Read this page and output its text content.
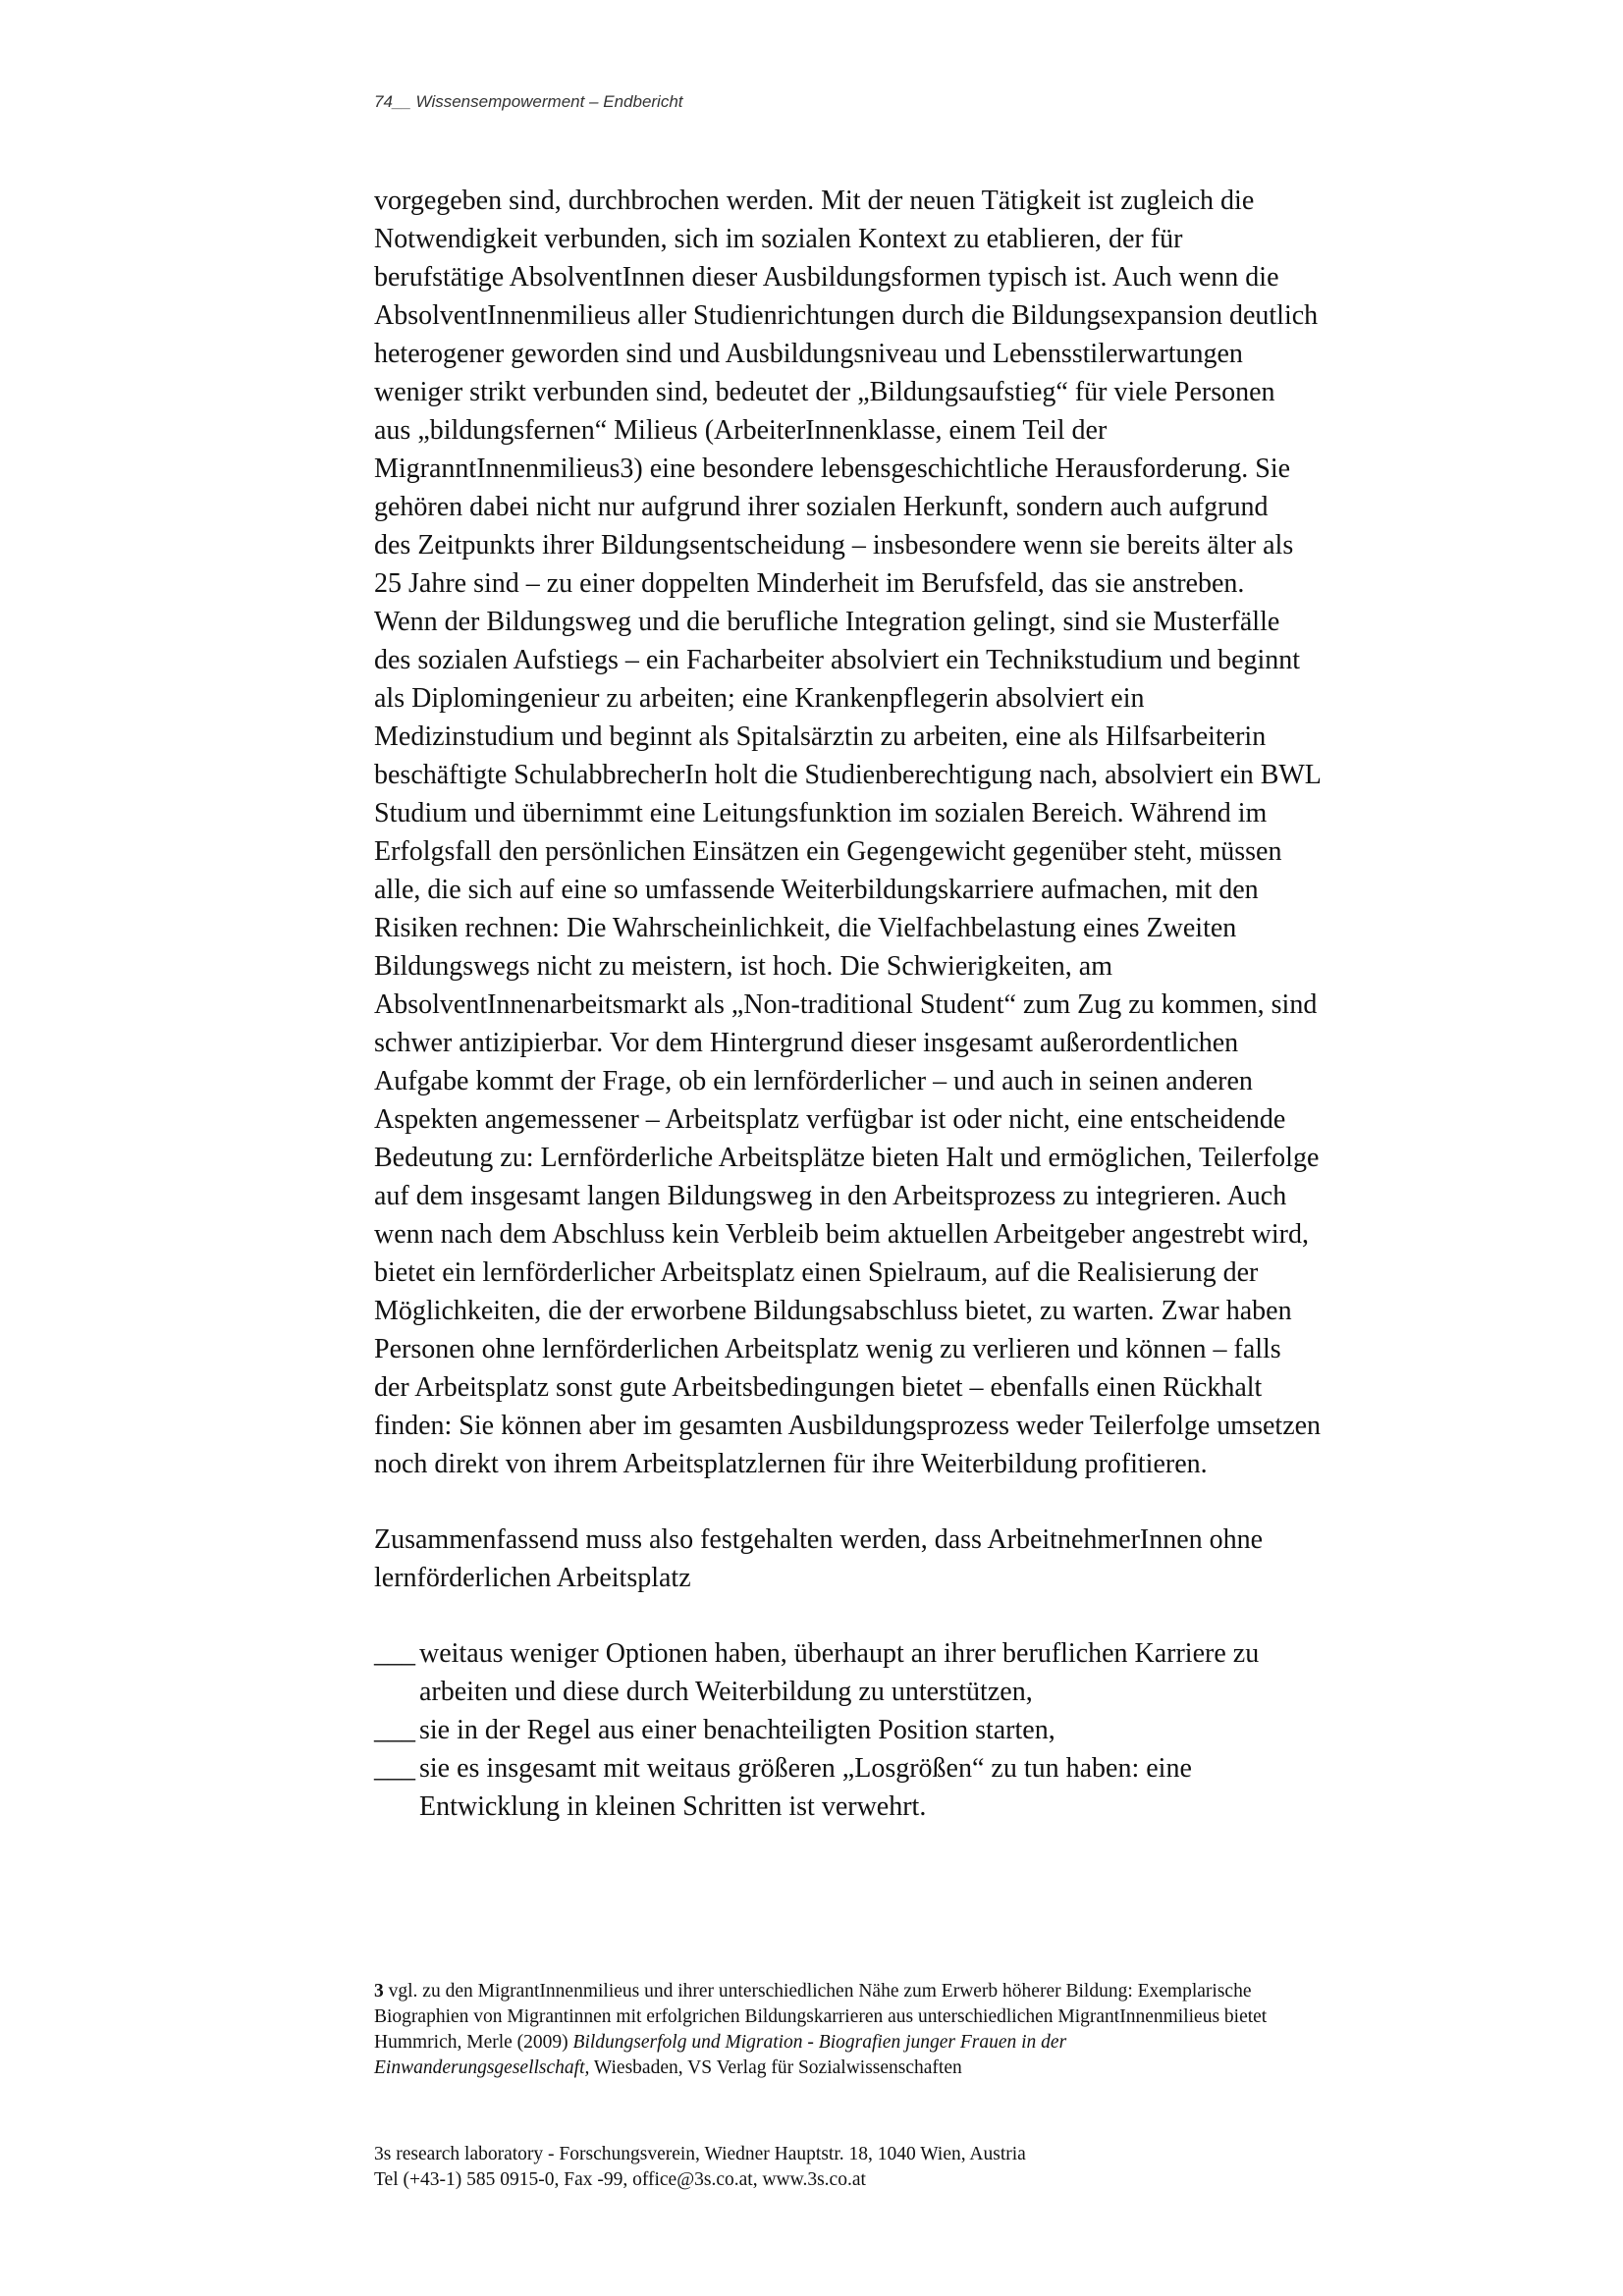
74__ Wissensempowerment – Endbericht

vorgegeben sind, durchbrochen werden. Mit der neuen Tätigkeit ist zugleich die
Notwendigkeit verbunden, sich im sozialen Kontext zu etablieren, der für
berufstätige AbsolventInnen dieser Ausbildungsformen typisch ist. Auch wenn die
AbsolventInnenmilieus aller Studienrichtungen durch die Bildungsexpansion deutlich
heterogener geworden sind und Ausbildungsniveau und Lebensstilerwartungen
weniger strikt verbunden sind, bedeutet der „Bildungsaufstieg“ für viele Personen
aus „bildungsfernen“ Milieus (ArbeiterInnenklasse, einem Teil der
MigranntInnenmilieus3) eine besondere lebensgeschichtliche Herausforderung. Sie
gehören dabei nicht nur aufgrund ihrer sozialen Herkunft, sondern auch aufgrund
des Zeitpunkts ihrer Bildungsentscheidung – insbesondere wenn sie bereits älter als
25 Jahre sind – zu einer doppelten Minderheit im Berufsfeld, das sie anstreben.
Wenn der Bildungsweg und die berufliche Integration gelingt, sind sie Musterfälle
des sozialen Aufstiegs – ein Facharbeiter absolviert ein Technikstudium und beginnt
als Diplomingenieur zu arbeiten; eine Krankenpflegerin absolviert ein
Medizinstudium und beginnt als Spitalsärztin zu arbeiten, eine als Hilfsarbeiterin
beschäftigte SchulabbrecherIn holt die Studienberechtigung nach, absolviert ein BWL
Studium und übernimmt eine Leitungsfunktion im sozialen Bereich. Während im
Erfolgsfall den persönlichen Einsätzen ein Gegengewicht gegenüber steht, müssen
alle, die sich auf eine so umfassende Weiterbildungskarriere aufmachen, mit den
Risiken rechnen: Die Wahrscheinlichkeit, die Vielfachbelastung eines Zweiten
Bildungswegs nicht zu meistern, ist hoch. Die Schwierigkeiten, am
AbsolventInnenarbeitsmarkt als „Non-traditional Student“ zum Zug zu kommen, sind
schwer antizipierbar. Vor dem Hintergrund dieser insgesamt außerordentlichen
Aufgabe kommt der Frage, ob ein lernförderlicher – und auch in seinen anderen
Aspekten angemessener – Arbeitsplatz verfügbar ist oder nicht, eine entscheidende
Bedeutung zu: Lernförderliche Arbeitsplätze bieten Halt und ermöglichen, Teilerfolge
auf dem insgesamt langen Bildungsweg in den Arbeitsprozess zu integrieren. Auch
wenn nach dem Abschluss kein Verbleib beim aktuellen Arbeitgeber angestrebt wird,
bietet ein lernförderlicher Arbeitsplatz einen Spielraum, auf die Realisierung der
Möglichkeiten, die der erworbene Bildungsabschluss bietet, zu warten. Zwar haben
Personen ohne lernförderlichen Arbeitsplatz wenig zu verlieren und können – falls
der Arbeitsplatz sonst gute Arbeitsbedingungen bietet – ebenfalls einen Rückhalt
finden: Sie können aber im gesamten Ausbildungsprozess weder Teilerfolge umsetzen
noch direkt von ihrem Arbeitsplatzlernen für ihre Weiterbildung profitieren.

Zusammenfassend muss also festgehalten werden, dass ArbeitnehmerInnen ohne
lernförderlichen Arbeitsplatz

___ weitaus weniger Optionen haben, überhaupt an ihrer beruflichen Karriere zu
arbeiten und diese durch Weiterbildung zu unterstützen,
___ sie in der Regel aus einer benachteiligten Position starten,
___ sie es insgesamt mit weitaus größeren „Losgrößen“ zu tun haben: eine
Entwicklung in kleinen Schritten ist verwehrt.
3 vgl. zu den MigrantInnenmilieus und ihrer unterschiedlichen Nähe zum Erwerb höherer Bildung: Exemplarische
Biographien von Migrantinnen mit erfolgrichen Bildungskarrieren aus unterschiedlichen MigrantInnenmilieus bietet
Hummrich, Merle (2009) Bildungserfolg und Migration - Biografien junger Frauen in der
Einwanderungsgesellschaft, Wiesbaden, VS Verlag für Sozialwissenschaften
3s research laboratory - Forschungsverein, Wiedner Hauptstr. 18, 1040 Wien, Austria
Tel (+43-1) 585 0915-0, Fax -99, office@3s.co.at, www.3s.co.at
